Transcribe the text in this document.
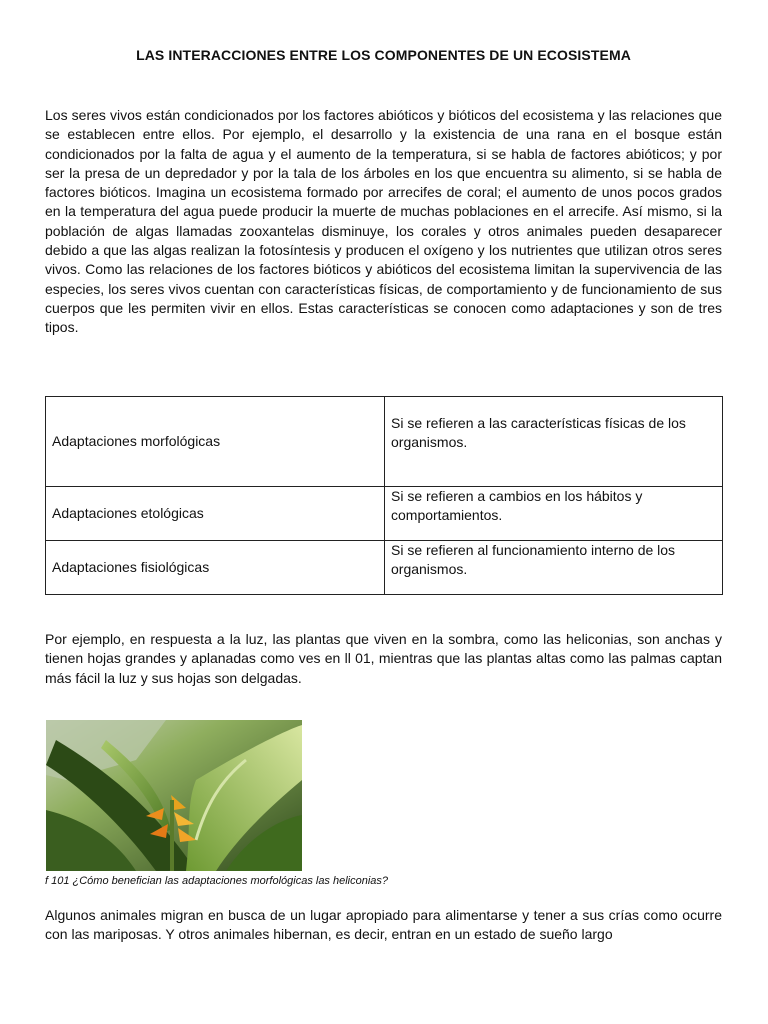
LAS INTERACCIONES ENTRE LOS COMPONENTES DE UN ECOSISTEMA
Los seres vivos están condicionados por los factores abióticos y bióticos del ecosistema y las relaciones que se establecen entre ellos. Por ejemplo, el desarrollo y la existencia de una rana en el bosque están condicionados por la falta de agua y el aumento de la temperatura, si se habla de factores abióticos; y por ser la presa de un depredador y por la tala de los árboles en los que encuentra su alimento, si se habla de factores bióticos. Imagina un ecosistema formado por arrecifes de coral; el aumento de unos pocos grados en la temperatura del agua puede producir la muerte de muchas poblaciones en el arrecife. Así mismo, si la población de algas llamadas zooxantelas disminuye, los corales y otros animales pueden desaparecer debido a que las algas realizan la fotosíntesis y producen el oxígeno y los nutrientes que utilizan otros seres vivos. Como las relaciones de los factores bióticos y abióticos del ecosistema limitan la supervivencia de las especies, los seres vivos cuentan con características físicas, de comportamiento y de funcionamiento de sus cuerpos que les permiten vivir en ellos. Estas características se conocen como adaptaciones y son de tres tipos.
Adaptaciones morfológicas	Si se refieren a las características físicas de los organismos.
Adaptaciones etológicas	Si se refieren a cambios en los hábitos y comportamientos.
Adaptaciones fisiológicas	Si se refieren al funcionamiento interno de los organismos.
Por ejemplo, en respuesta a la luz, las plantas que viven en la sombra, como las heliconias, son anchas y tienen hojas grandes y aplanadas como ves en ll 01, mientras que las plantas altas como las palmas captan más fácil la luz y sus hojas son delgadas.
f 101 ¿Cómo benefician las adaptaciones morfológicas las heliconias?
Algunos animales migran en busca de un lugar apropiado para alimentarse y tener a sus crías como ocurre con las mariposas. Y otros animales hibernan, es decir, entran en un estado de sueño largo
